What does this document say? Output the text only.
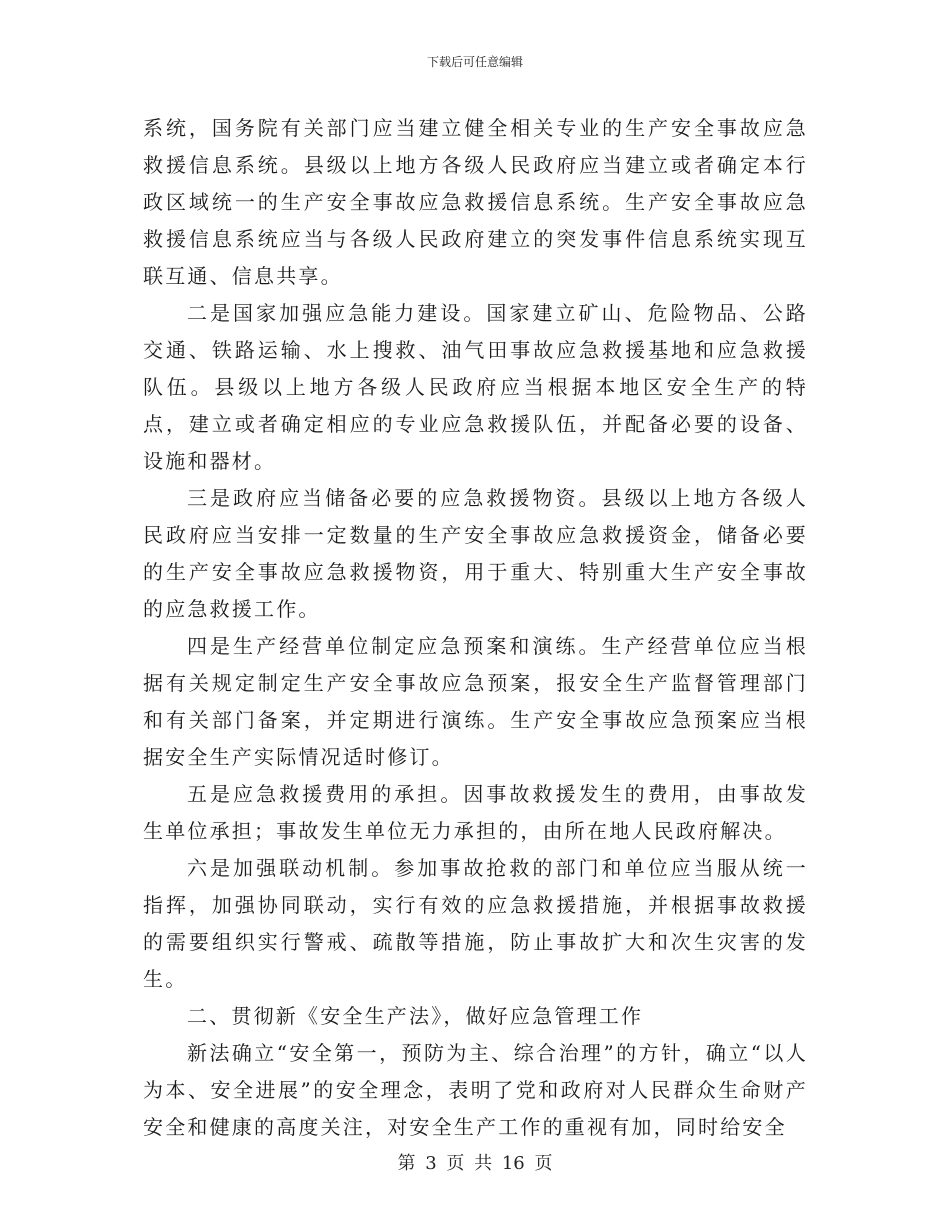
下载后可任意编辑

系统，国务院有关部门应当建立健全相关专业的生产安全事故应急救援信息系统。县级以上地方各级人民政府应当建立或者确定本行政区域统一的生产安全事故应急救援信息系统。生产安全事故应急救援信息系统应当与各级人民政府建立的突发事件信息系统实现互联互通、信息共享。

二是国家加强应急能力建设。国家建立矿山、危险物品、公路交通、铁路运输、水上搜救、油气田事故应急救援基地和应急救援队伍。县级以上地方各级人民政府应当根据本地区安全生产的特点，建立或者确定相应的专业应急救援队伍，并配备必要的设备、设施和器材。

三是政府应当储备必要的应急救援物资。县级以上地方各级人民政府应当安排一定数量的生产安全事故应急救援资金，储备必要的生产安全事故应急救援物资，用于重大、特别重大生产安全事故的应急救援工作。

四是生产经营单位制定应急预案和演练。生产经营单位应当根据有关规定制定生产安全事故应急预案，报安全生产监督管理部门和有关部门备案，并定期进行演练。生产安全事故应急预案应当根据安全生产实际情况适时修订。

五是应急救援费用的承担。因事故救援发生的费用，由事故发生单位承担；事故发生单位无力承担的，由所在地人民政府解决。

六是加强联动机制。参加事故抢救的部门和单位应当服从统一指挥，加强协同联动，实行有效的应急救援措施，并根据事故救援的需要组织实行警戒、疏散等措施，防止事故扩大和次生灾害的发生。

二、贯彻新《安全生产法》，做好应急管理工作

新法确立“安全第一，预防为主、综合治理”的方针，确立“以人为本、安全进展”的安全理念，表明了党和政府对人民群众生命财产安全和健康的高度关注，对安全生产工作的重视有加，同时给安全

第 3 页 共 16 页
